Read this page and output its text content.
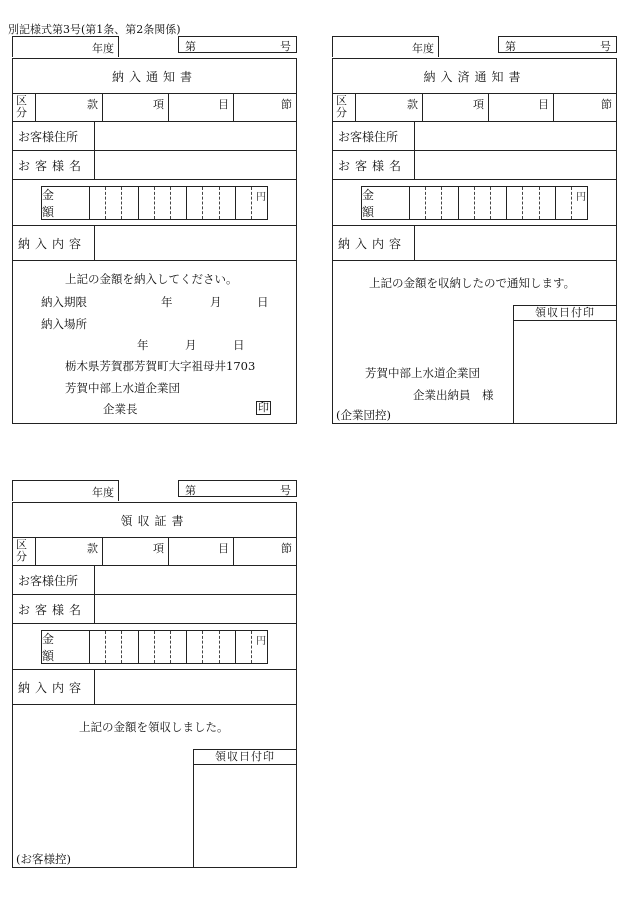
別記様式第3号(第1条、第2条関係)
年度	第	号
納入通知書
区
分
款	項	目	節
お客様住所
お客様名
金　額
円
納入内容
上記の金額を納入してください。
納入期限	年	月	日
納入場所
年	月	日
栃木県芳賀郡芳賀町大字祖母井1703
芳賀中部上水道企業団
企業長	印
年度	第	号
納入済通知書
区
分
款	項	目	節
お客様住所
お客様名
金　額
円
納入内容
上記の金額を収納したので通知します。
領収日付印
芳賀中部上水道企業団
企業出納員　様
(企業団控)
年度	第	号
領収証書
区
分
款	項	目	節
お客様住所
お客様名
金　額
円
納入内容
上記の金額を領収しました。
領収日付印
(お客様控)
